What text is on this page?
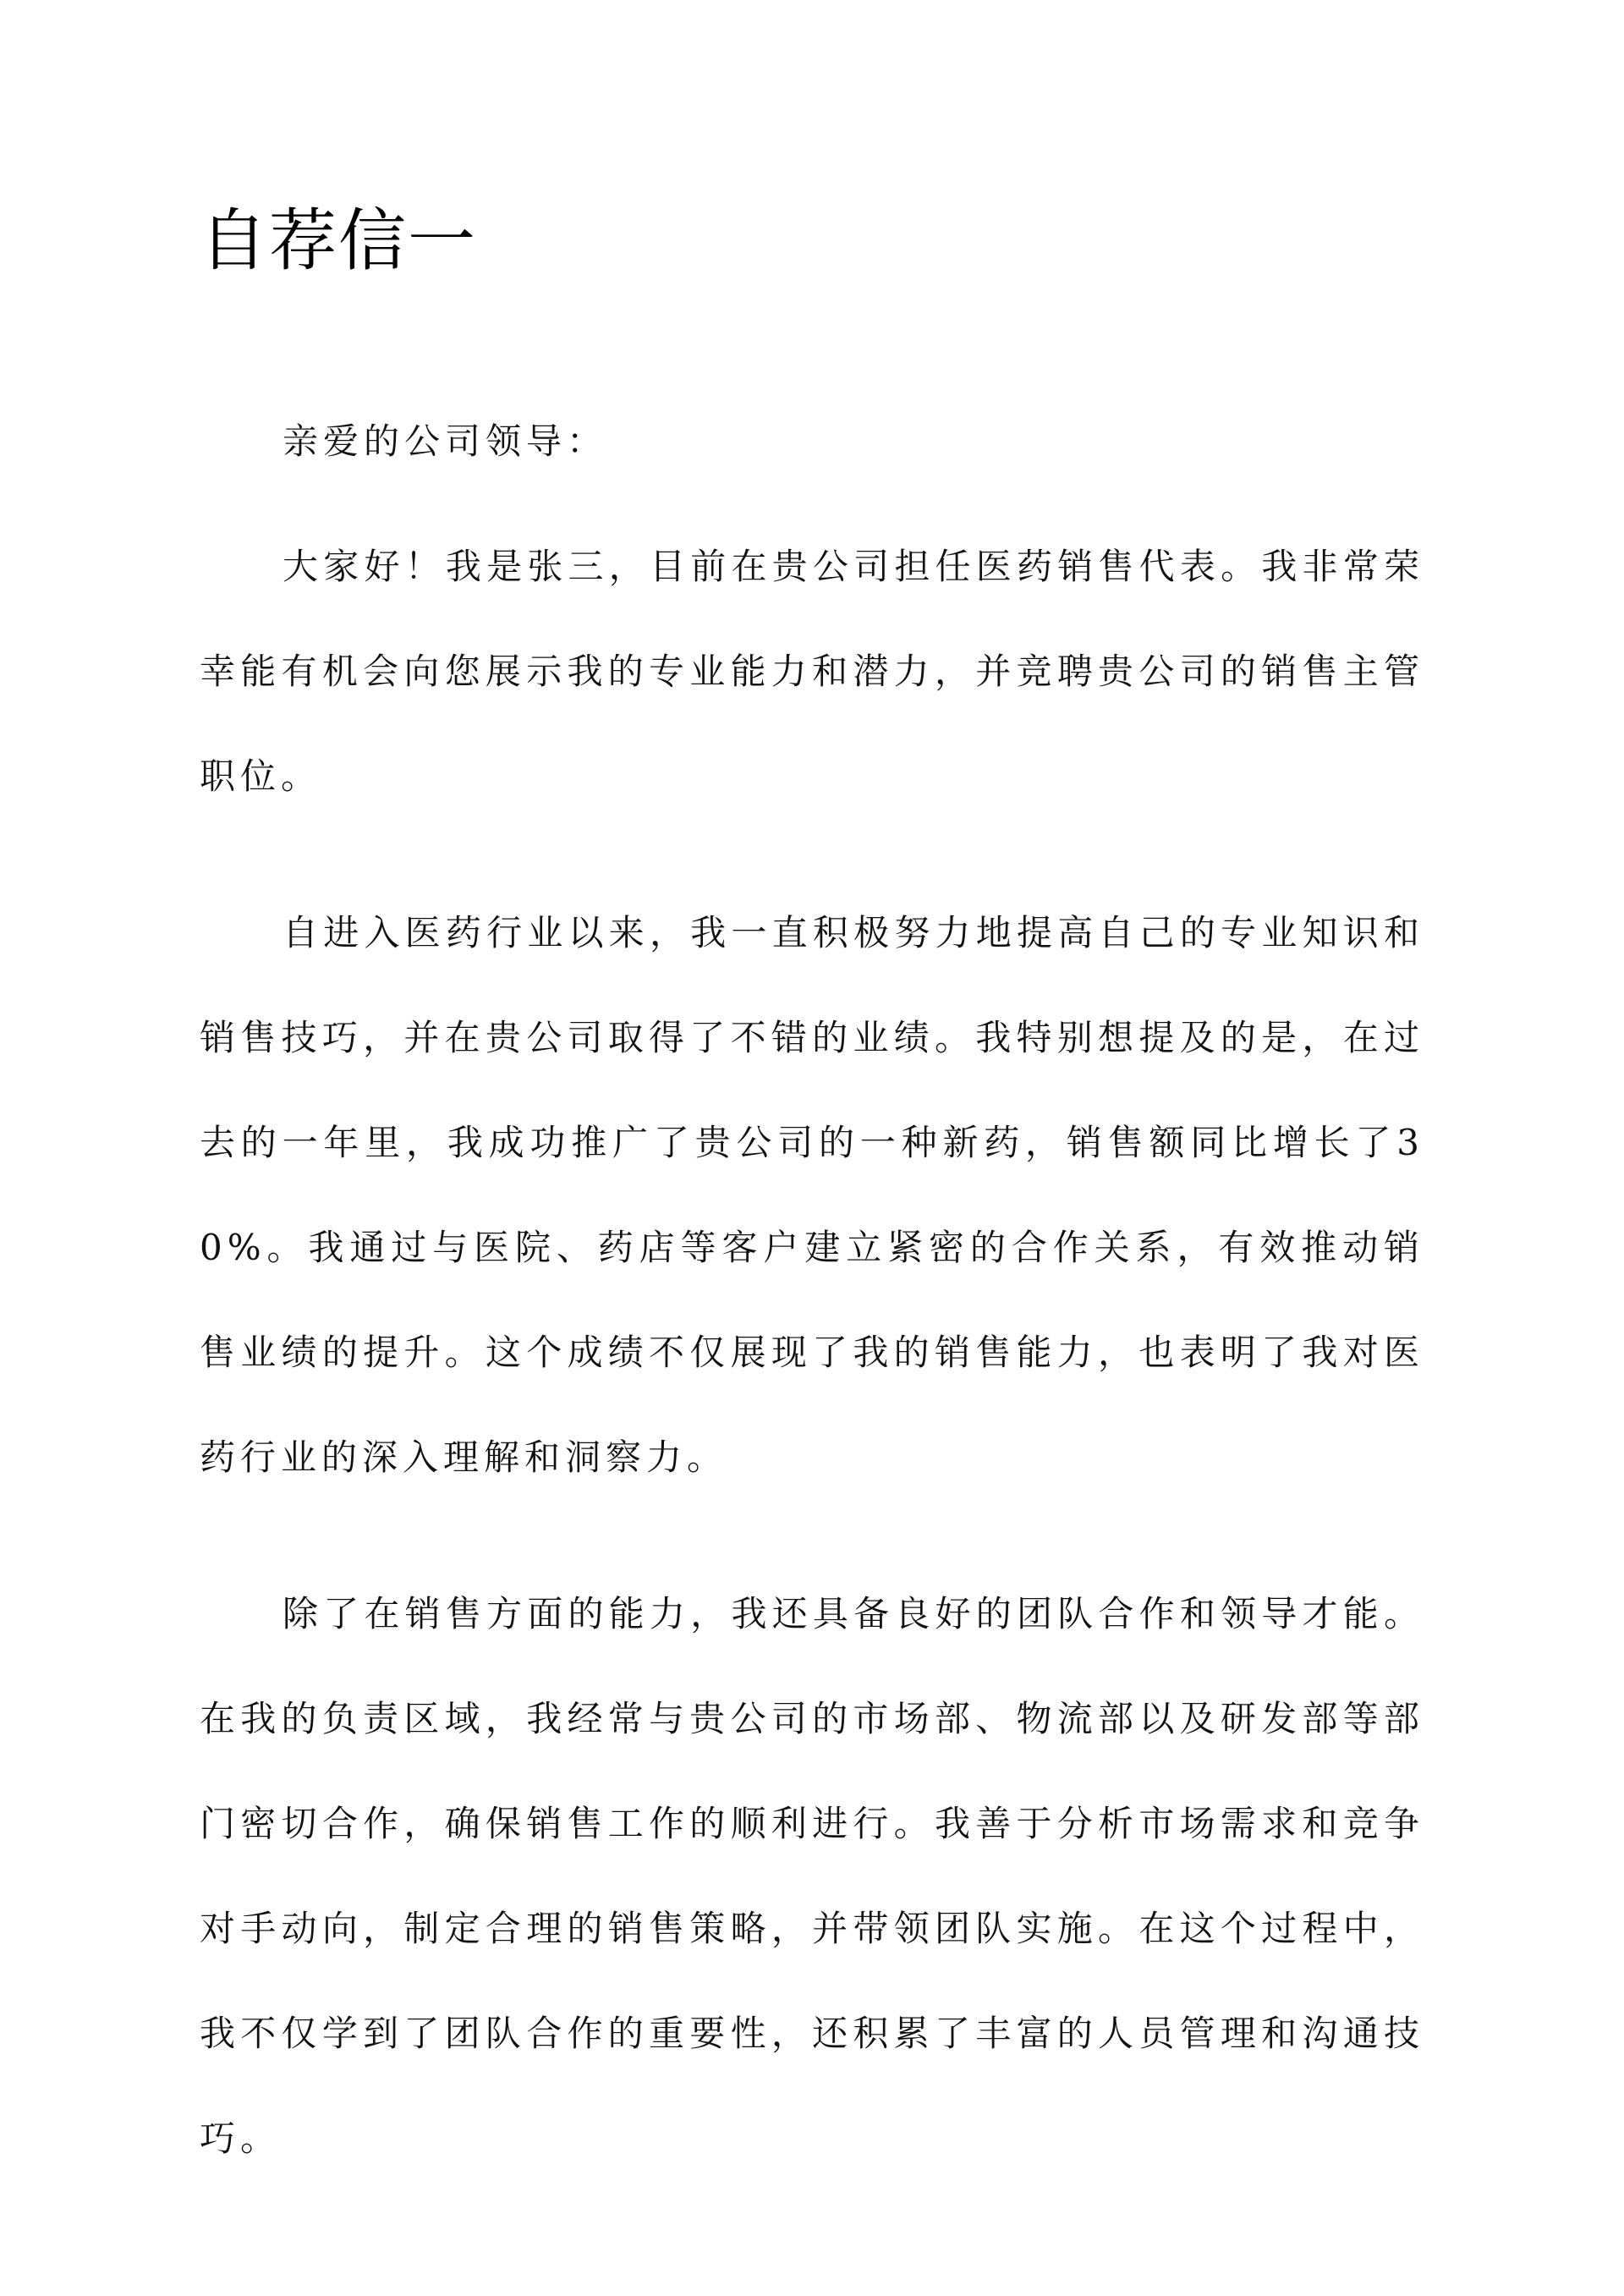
自荐信一

亲爱的公司领导：

大家好！我是张三，目前在贵公司担任医药销售代表。我非常荣幸能有机会向您展示我的专业能力和潜力，并竞聘贵公司的销售主管职位。

自进入医药行业以来，我一直积极努力地提高自己的专业知识和销售技巧，并在贵公司取得了不错的业绩。我特别想提及的是，在过去的一年里，我成功推广了贵公司的一种新药，销售额同比增长了30%。我通过与医院、药店等客户建立紧密的合作关系，有效推动销售业绩的提升。这个成绩不仅展现了我的销售能力，也表明了我对医药行业的深入理解和洞察力。

除了在销售方面的能力，我还具备良好的团队合作和领导才能。在我的负责区域，我经常与贵公司的市场部、物流部以及研发部等部门密切合作，确保销售工作的顺利进行。我善于分析市场需求和竞争对手动向，制定合理的销售策略，并带领团队实施。在这个过程中，我不仅学到了团队合作的重要性，还积累了丰富的人员管理和沟通技巧。
